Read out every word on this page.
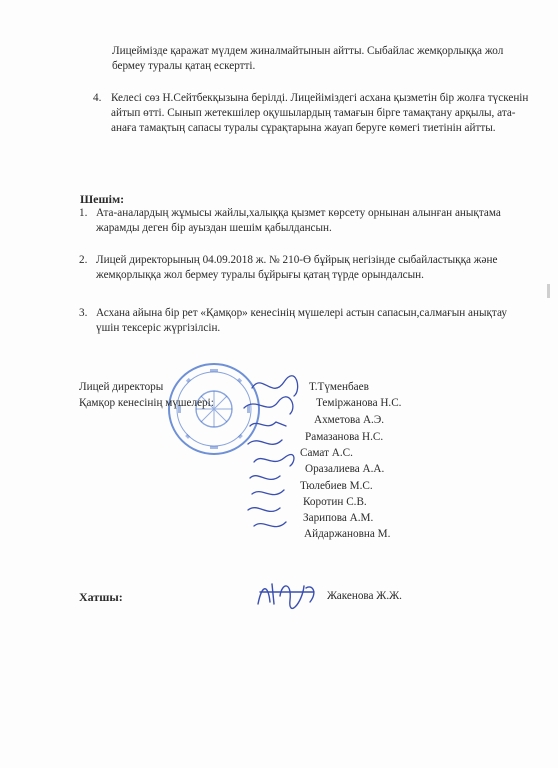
Лицеймізде қаражат мүлдем жиналмайтынын айтты. Сыбайлас жемқорлыққа жол бермеу туралы қатаң ескертті.
4. Келесі сөз Н.Сейтбекқызына берілді. Лицейіміздегі асхана қызметін бір жолға түскенін айтып өтті. Сынып жетекшілер оқушылардың тамағын бірге тамақтану арқылы, ата-анаға тамақтың сапасы туралы сұрақтарына жауап беруге көмегі тиетінін айтты.
Шешім:
1. Ата-аналардың жұмысы жайлы,халыққа қызмет көрсету орнынан алынған анықтама жарамды деген бір ауыздан шешім қабылдансын.
2. Лицей директорының 04.09.2018 ж. № 210-Ө бұйрық негізінде сыбайластыққа және жемқорлыққа жол бермеу туралы бұйрығы қатаң түрде орындалсын.
3. Асхана айына бір рет «Қамқор» кенесінің мүшелері астын сапасын,салмағын анықтау үшін тексеріс жүргізілсін.
Лицей директоры	Т.Түменбаев
Қамқор кенесінің мүшелері:	Теміржанова Н.С.
Ахметова А.Э.
Рамазанова Н.С.
Самат А.С.
Оразалиева А.А.
Тюлебиев М.С.
Коротин С.В.
Зарипова А.М.
Айдаржановна М.
Хатшы:	Жакенова Ж.Ж.
